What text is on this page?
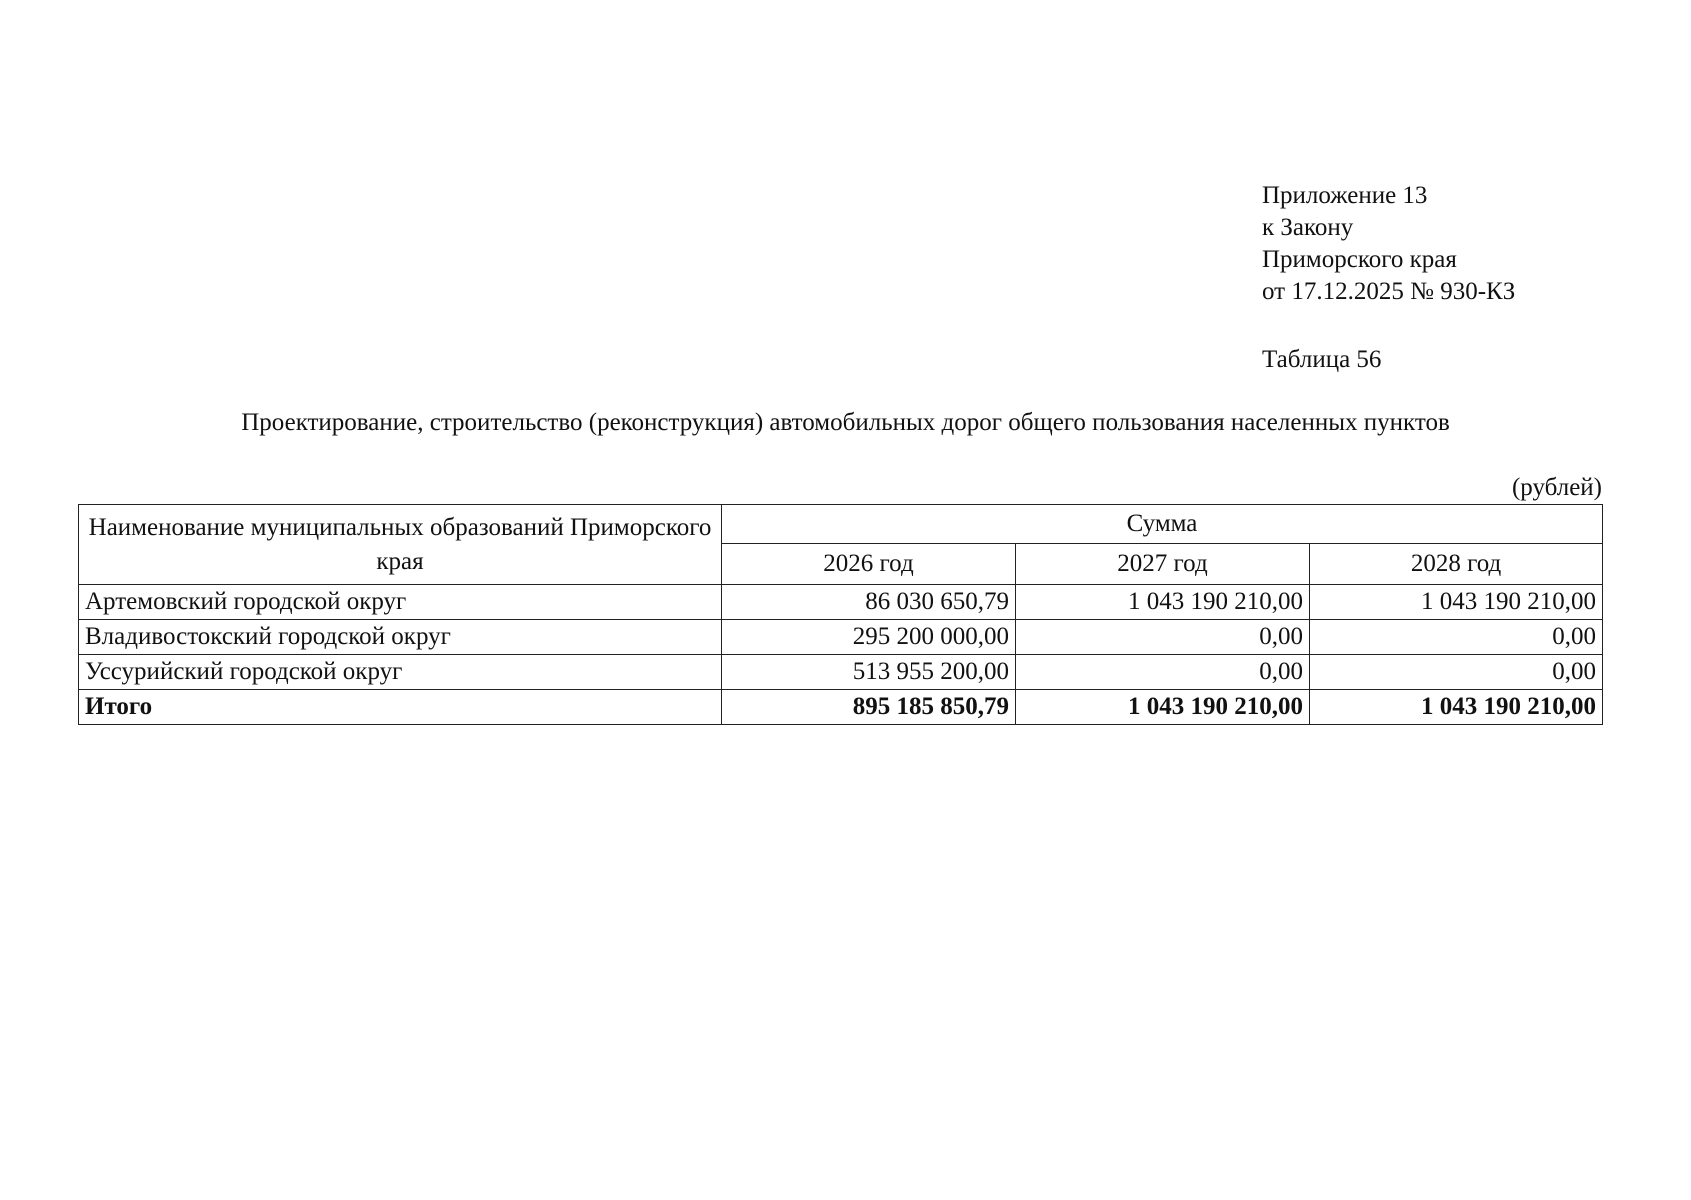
Приложение 13
к Закону
Приморского края
от 17.12.2025 № 930-КЗ
Таблица 56
Проектирование, строительство (реконструкция) автомобильных дорог общего пользования населенных пунктов
(рублей)
Наименование муниципальных образований Приморского края	Сумма		
	2026 год	2027 год	2028 год
Артемовский городской округ	86 030 650,79	1 043 190 210,00	1 043 190 210,00
Владивостокский городской округ	295 200 000,00	0,00	0,00
Уссурийский городской округ	513 955 200,00	0,00	0,00
Итого	895 185 850,79	1 043 190 210,00	1 043 190 210,00
